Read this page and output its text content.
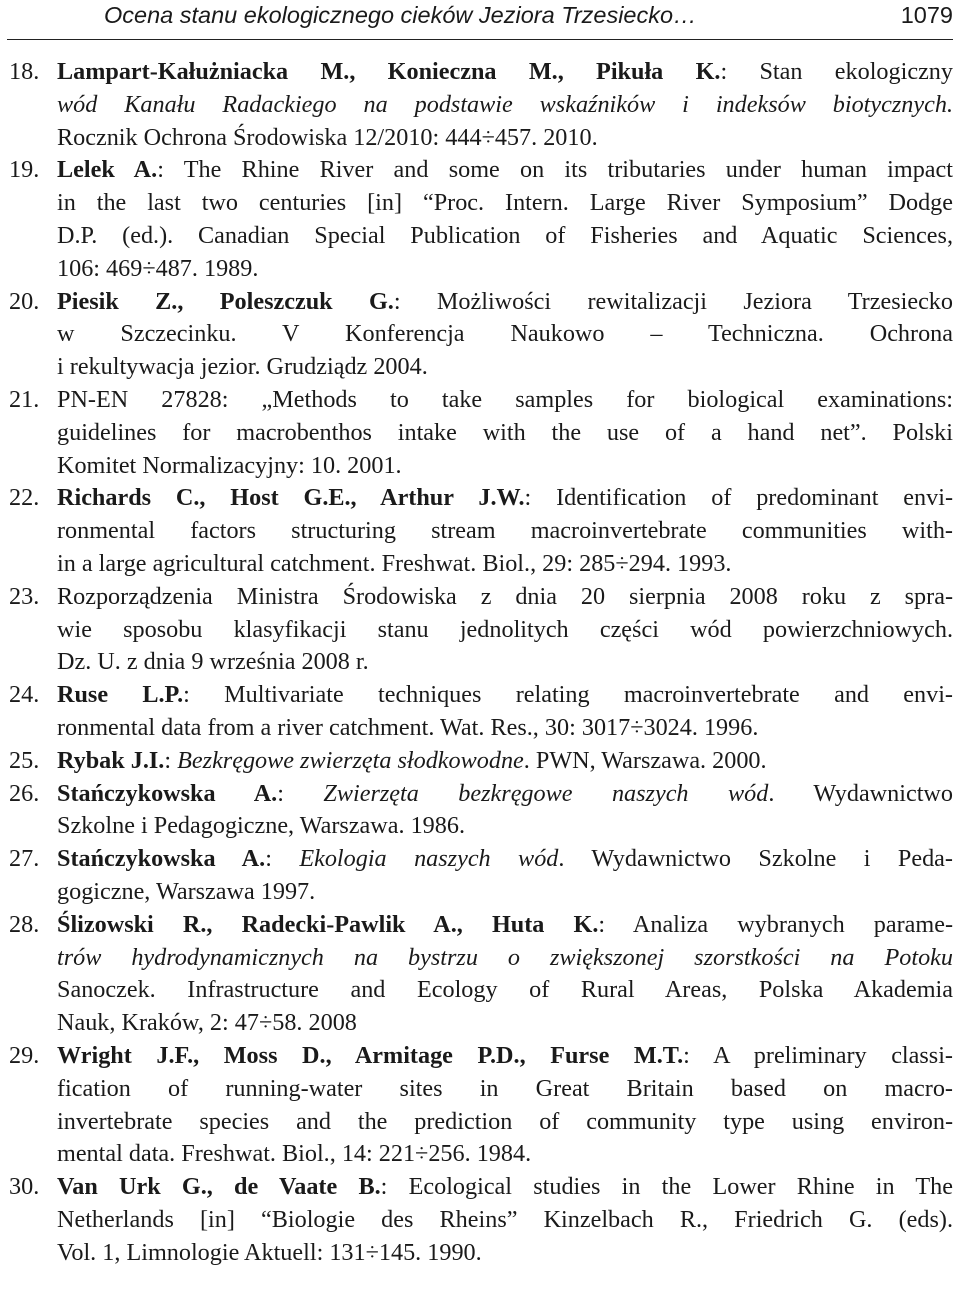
Ocena stanu ekologicznego cieków Jeziora Trzesiecko…	1079
18. Lampart-Kałużniacka M., Konieczna M., Pikuła K.: Stan ekologiczny
wód Kanału Radackiego na podstawie wskaźników i indeksów biotycznych.
Rocznik Ochrona Środowiska 12/2010: 444÷457. 2010.
19. Lelek A.: The Rhine River and some on its tributaries under human impact
in the last two centuries [in] “Proc. Intern. Large River Symposium” Dodge
D.P. (ed.). Canadian Special Publication of Fisheries and Aquatic Sciences,
106: 469÷487. 1989.
20. Piesik Z., Poleszczuk G.: Możliwości rewitalizacji Jeziora Trzesiecko
w Szczecinku. V Konferencja Naukowo – Techniczna. Ochrona
i rekultywacja jezior. Grudziądz 2004.
21. PN-EN 27828: „Methods to take samples for biological examinations:
guidelines for macrobenthos intake with the use of a hand net”. Polski
Komitet Normalizacyjny: 10. 2001.
22. Richards C., Host G.E., Arthur J.W.: Identification of predominant envi-
ronmental factors structuring stream macroinvertebrate communities with-
in a large agricultural catchment. Freshwat. Biol., 29: 285÷294. 1993.
23. Rozporządzenia Ministra Środowiska z dnia 20 sierpnia 2008 roku z spra-
wie sposobu klasyfikacji stanu jednolitych części wód powierzchniowych.
Dz. U. z dnia 9 września 2008 r.
24. Ruse L.P.: Multivariate techniques relating macroinvertebrate and envi-
ronmental data from a river catchment. Wat. Res., 30: 3017÷3024. 1996.
25. Rybak J.I.: Bezkręgowe zwierzęta słodkowodne. PWN, Warszawa. 2000.
26. Stańczykowska A.: Zwierzęta bezkręgowe naszych wód. Wydawnictwo
Szkolne i Pedagogiczne, Warszawa. 1986.
27. Stańczykowska A.: Ekologia naszych wód. Wydawnictwo Szkolne i Peda-
gogiczne, Warszawa 1997.
28. Ślizowski R., Radecki-Pawlik A., Huta K.: Analiza wybranych parame-
trów hydrodynamicznych na bystrzu o zwiększonej szorstkości na Potoku
Sanoczek. Infrastructure and Ecology of Rural Areas, Polska Akademia
Nauk, Kraków, 2: 47÷58. 2008
29. Wright J.F., Moss D., Armitage P.D., Furse M.T.: A preliminary classi-
fication of running-water sites in Great Britain based on macro-
invertebrate species and the prediction of community type using environ-
mental data. Freshwat. Biol., 14: 221÷256. 1984.
30. Van Urk G., de Vaate B.: Ecological studies in the Lower Rhine in The
Netherlands [in] “Biologie des Rheins” Kinzelbach R., Friedrich G. (eds).
Vol. 1, Limnologie Aktuell: 131÷145. 1990.
